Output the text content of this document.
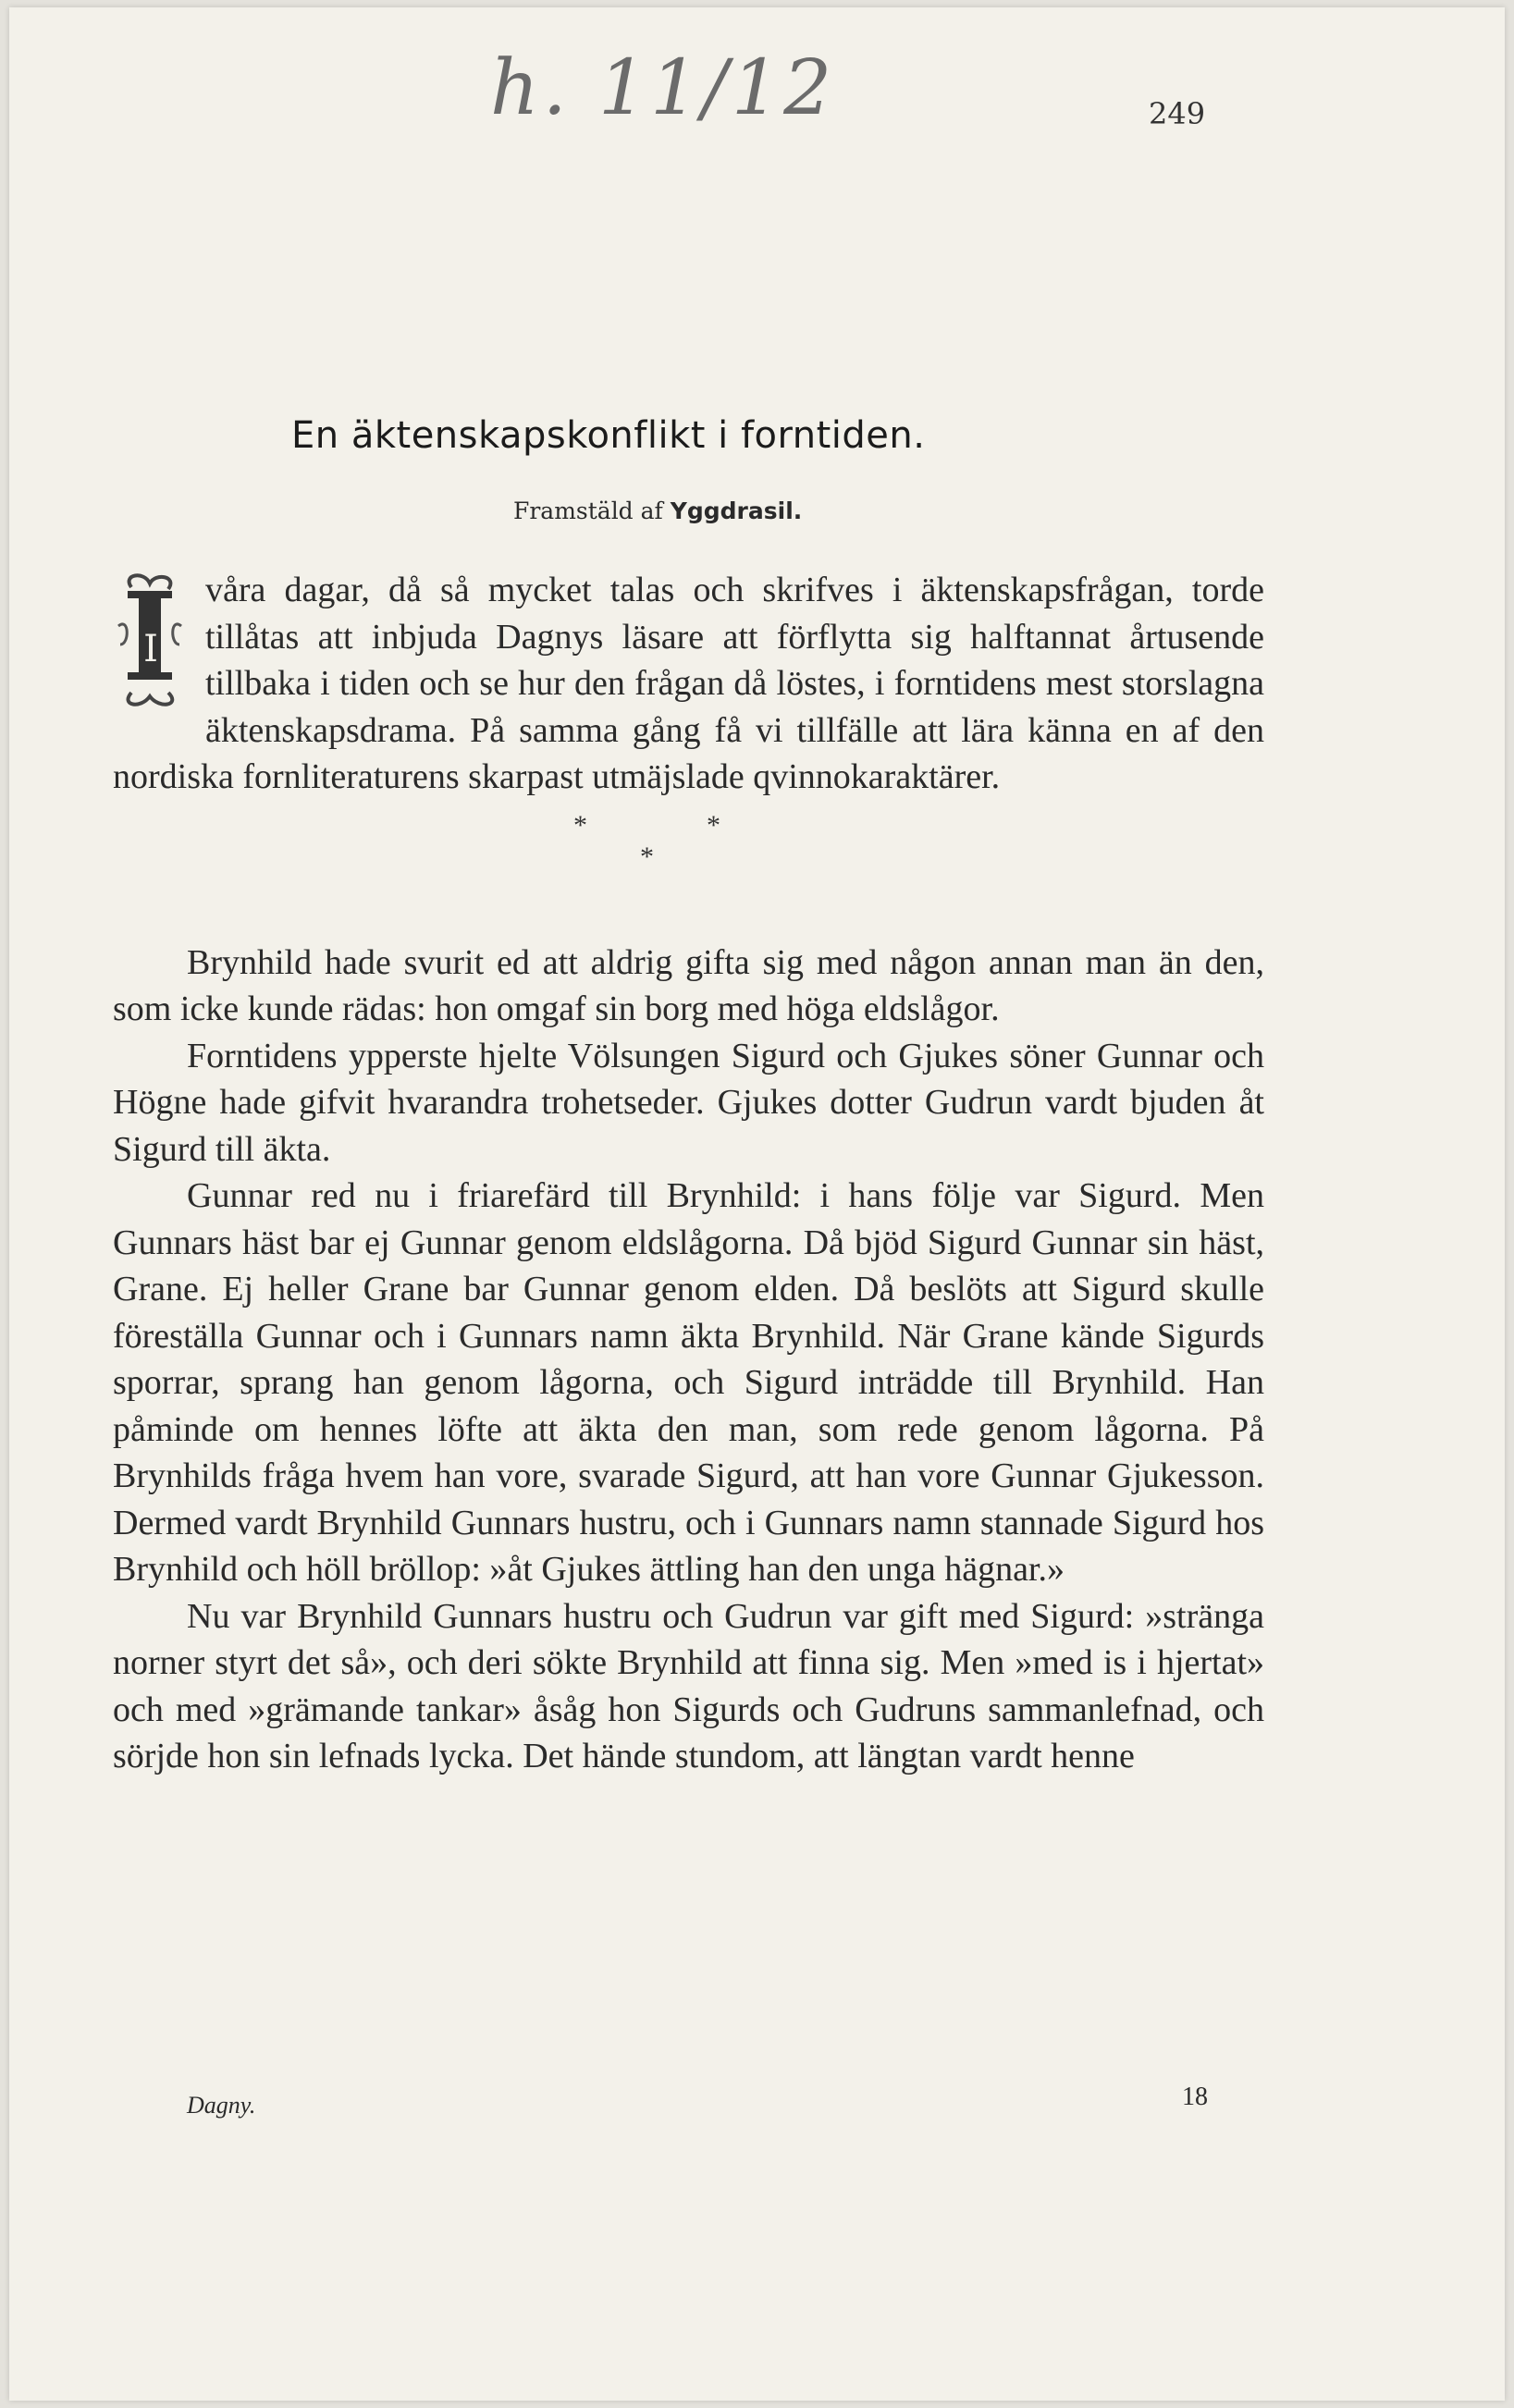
h. 11/12	249
En äktenskapskonflikt i forntiden.
Framstäld af Yggdrasil.

I
våra dagar, då så mycket talas och skrifves i äktenskapsfrågan, torde tillåtas att inbjuda Dagnys läsare att förflytta sig halftannat årtusende tillbaka i tiden och se hur den frågan då löstes, i forntidens mest storslagna äktenskapsdrama. På samma gång få vi tillfälle att lära känna en af den nordiska fornliteraturens skarpast utmäjslade qvinnokaraktärer.

*	*
*

Brynhild hade svurit ed att aldrig gifta sig med någon annan man än den, som icke kunde rädas: hon omgaf sin borg med höga eldslågor.

Forntidens ypperste hjelte Völsungen Sigurd och Gjukes söner Gunnar och Högne hade gifvit hvarandra trohetseder. Gjukes dotter Gudrun vardt bjuden åt Sigurd till äkta.

Gunnar red nu i friarefärd till Brynhild: i hans följe var Sigurd. Men Gunnars häst bar ej Gunnar genom eldslågorna. Då bjöd Sigurd Gunnar sin häst, Grane. Ej heller Grane bar Gunnar genom elden. Då beslöts att Sigurd skulle föreställa Gunnar och i Gunnars namn äkta Brynhild. När Grane kände Sigurds sporrar, sprang han genom lågorna, och Sigurd inträdde till Brynhild. Han påminde om hennes löfte att äkta den man, som rede genom lågorna. På Brynhilds fråga hvem han vore, svarade Sigurd, att han vore Gunnar Gjukesson. Dermed vardt Brynhild Gunnars hustru, och i Gunnars namn stannade Sigurd hos Brynhild och höll bröllop: »åt Gjukes ättling han den unga hägnar.»

Nu var Brynhild Gunnars hustru och Gudrun var gift med Sigurd: »stränga norner styrt det så», och deri sökte Brynhild att finna sig. Men »med is i hjertat» och med »grämande tankar» åsåg hon Sigurds och Gudruns sammanlefnad, och sörjde hon sin lefnads lycka. Det hände stundom, att längtan vardt henne

Dagny.	18
